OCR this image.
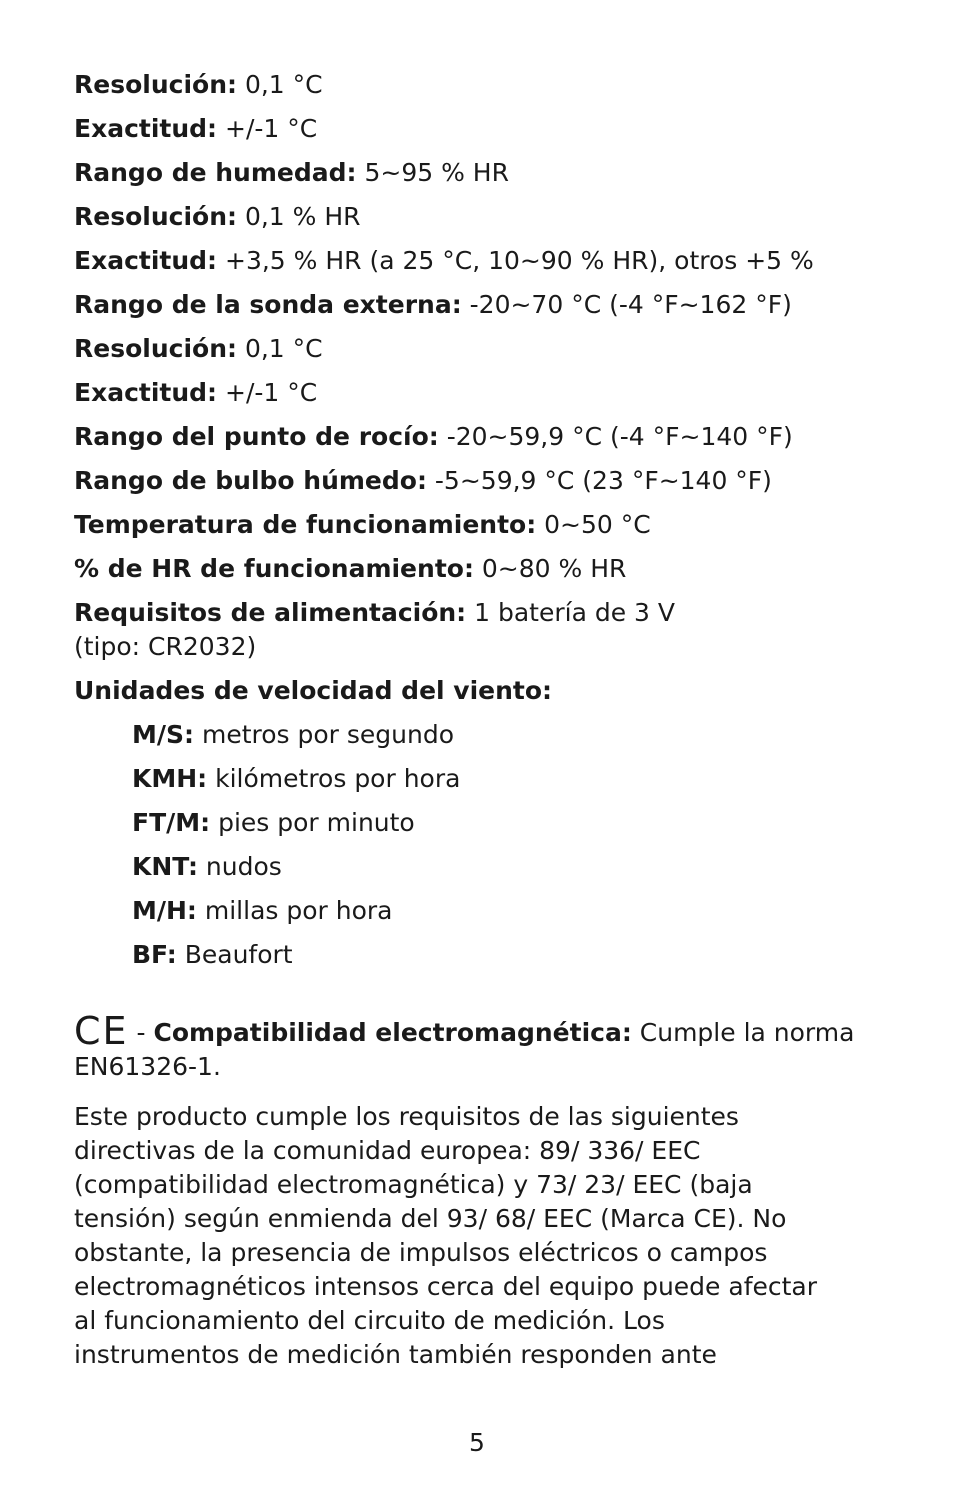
Resolución: 0,1 °C
Exactitud: +/-1 °C
Rango de humedad: 5~95 % HR
Resolución: 0,1 % HR
Exactitud: +3,5 % HR (a 25 °C, 10~90 % HR), otros +5 %
Rango de la sonda externa: -20~70 °C (-4 °F~162 °F)
Resolución: 0,1 °C
Exactitud: +/-1 °C
Rango del punto de rocío: -20~59,9 °C (-4 °F~140 °F)
Rango de bulbo húmedo: -5~59,9 °C (23 °F~140 °F)
Temperatura de funcionamiento: 0~50 °C
% de HR de funcionamiento: 0~80 % HR
Requisitos de alimentación: 1 batería de 3 V (tipo: CR2032)
Unidades de velocidad del viento:
M/S: metros por segundo
KMH: kilómetros por hora
FT/M: pies por minuto
KNT: nudos
M/H: millas por hora
BF: Beaufort
CE - Compatibilidad electromagnética: Cumple la norma EN61326-1.
Este producto cumple los requisitos de las siguientes directivas de la comunidad europea: 89/ 336/ EEC (compatibilidad electromagnética) y 73/ 23/ EEC (baja tensión) según enmienda del 93/ 68/ EEC (Marca CE). No obstante, la presencia de impulsos eléctricos o campos electromagnéticos intensos cerca del equipo puede afectar al funcionamiento del circuito de medición. Los instrumentos de medición también responden ante
5
